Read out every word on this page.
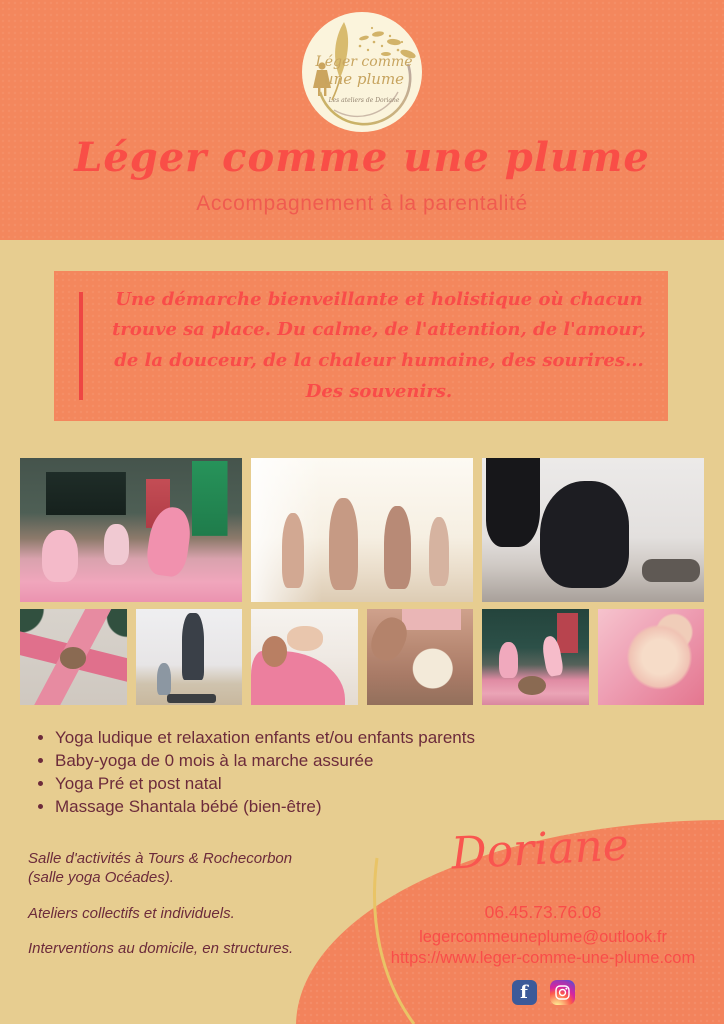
Léger comme
une plume
Les ateliers de Doriane
Léger comme une plume
Accompagnement à la parentalité
Une démarche bienveillante et holistique où chacun trouve sa place. Du calme, de l'attention, de l'amour, de la douceur, de la chaleur humaine, des sourires... Des souvenirs.
• Yoga ludique et relaxation enfants et/ou enfants parents
• Baby-yoga de 0 mois à la marche assurée
• Yoga Pré et post natal
• Massage Shantala bébé (bien-être)

Salle d'activités à Tours & Rochecorbon (salle yoga Océades).

Ateliers collectifs et individuels.

Interventions au domicile, en structures.

Doriane
06.45.73.76.08
legercommeuneplume@outlook.fr
https://www.leger-comme-une-plume.com
f
